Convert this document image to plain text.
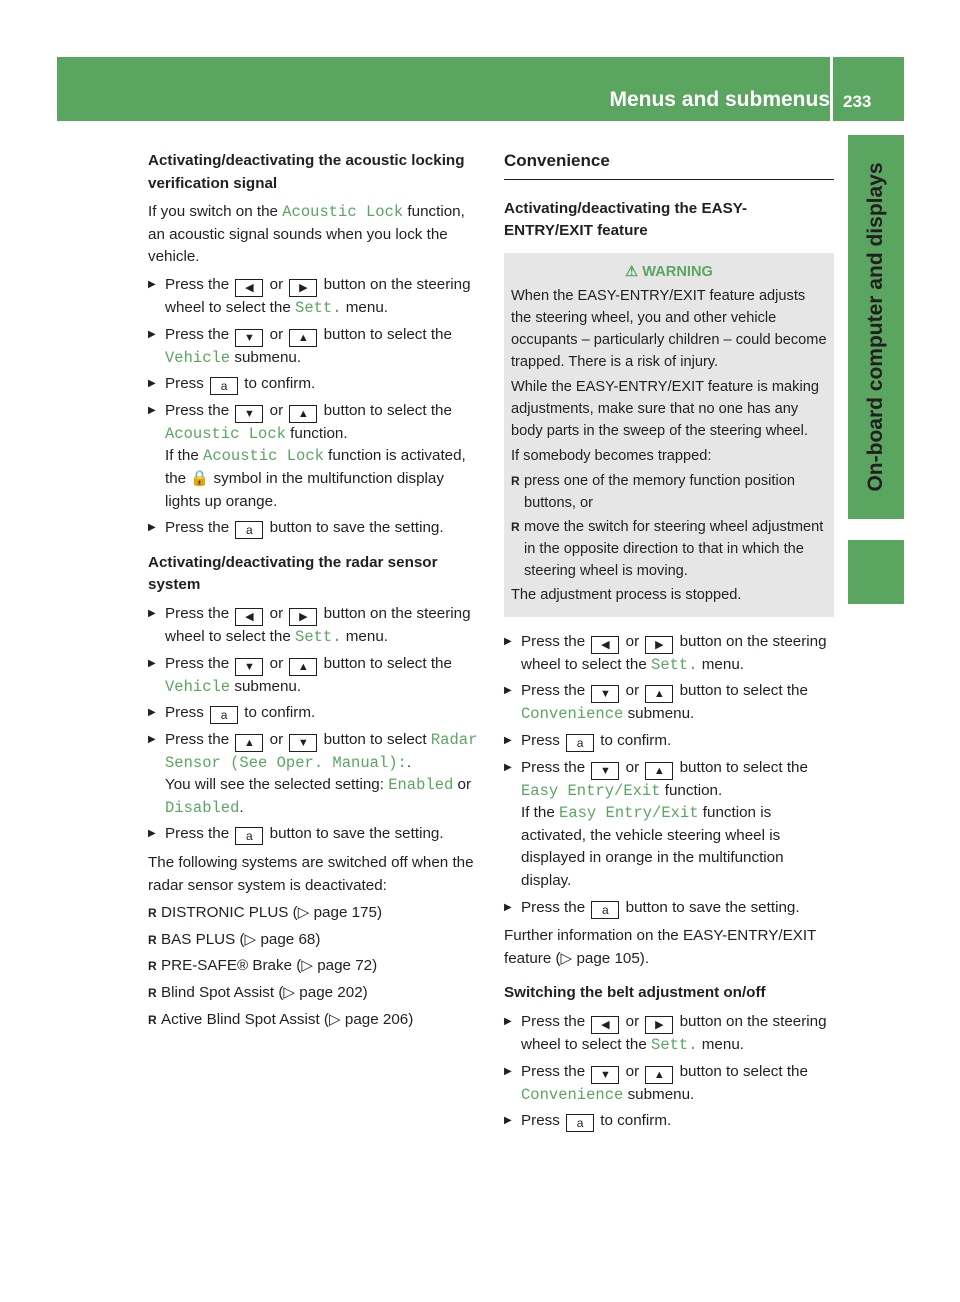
Menus and submenus 233
On-board computer and displays
Activating/deactivating the acoustic locking verification signal
If you switch on the Acoustic Lock function, an acoustic signal sounds when you lock the vehicle.
▶ Press the ◀ or ▶ button on the steering wheel to select the Sett. menu.
▶ Press the ▼ or ▲ button to select the Vehicle submenu.
▶ Press a to confirm.
▶ Press the ▼ or ▲ button to select the Acoustic Lock function.
If the Acoustic Lock function is activated, the 🔒 symbol in the multifunction display lights up orange.
▶ Press the a button to save the setting.
Activating/deactivating the radar sensor system
▶ Press the ◀ or ▶ button on the steering wheel to select the Sett. menu.
▶ Press the ▼ or ▲ button to select the Vehicle submenu.
▶ Press a to confirm.
▶ Press the ▲ or ▼ button to select Radar Sensor (See Oper. Manual):.
You will see the selected setting: Enabled or Disabled.
▶ Press the a button to save the setting.
The following systems are switched off when the radar sensor system is deactivated:
R DISTRONIC PLUS (▷ page 175)
R BAS PLUS (▷ page 68)
R PRE-SAFE® Brake (▷ page 72)
R Blind Spot Assist (▷ page 202)
R Active Blind Spot Assist (▷ page 206)
Convenience
Activating/deactivating the EASY-ENTRY/EXIT feature
⚠ WARNING
When the EASY-ENTRY/EXIT feature adjusts the steering wheel, you and other vehicle occupants – particularly children – could become trapped. There is a risk of injury.
While the EASY-ENTRY/EXIT feature is making adjustments, make sure that no one has any body parts in the sweep of the steering wheel.
If somebody becomes trapped:
R press one of the memory function position buttons, or
R move the switch for steering wheel adjustment in the opposite direction to that in which the steering wheel is moving.
The adjustment process is stopped.
▶ Press the ◀ or ▶ button on the steering wheel to select the Sett. menu.
▶ Press the ▼ or ▲ button to select the Convenience submenu.
▶ Press a to confirm.
▶ Press the ▼ or ▲ button to select the Easy Entry/Exit function.
If the Easy Entry/Exit function is activated, the vehicle steering wheel is displayed in orange in the multifunction display.
▶ Press the a button to save the setting.
Further information on the EASY-ENTRY/EXIT feature (▷ page 105).
Switching the belt adjustment on/off
▶ Press the ◀ or ▶ button on the steering wheel to select the Sett. menu.
▶ Press the ▼ or ▲ button to select the Convenience submenu.
▶ Press a to confirm.
